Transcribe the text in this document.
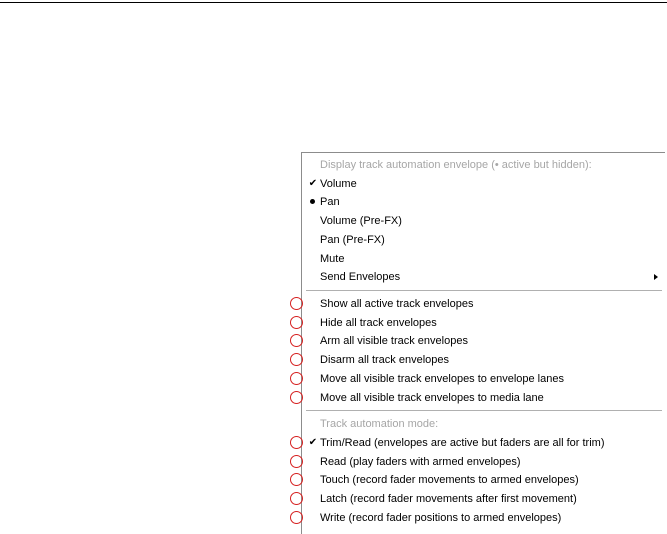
Display track automation envelope (• active but hidden):
✔ Volume
Pan
Volume (Pre-FX)
Pan (Pre-FX)
Mute
Send Envelopes
Show all active track envelopes
Hide all track envelopes
Arm all visible track envelopes
Disarm all track envelopes
Move all visible track envelopes to envelope lanes
Move all visible track envelopes to media lane
Track automation mode:
✔ Trim/Read (envelopes are active but faders are all for trim)
Read (play faders with armed envelopes)
Touch (record fader movements to armed envelopes)
Latch (record fader movements after first movement)
Write (record fader positions to armed envelopes)
